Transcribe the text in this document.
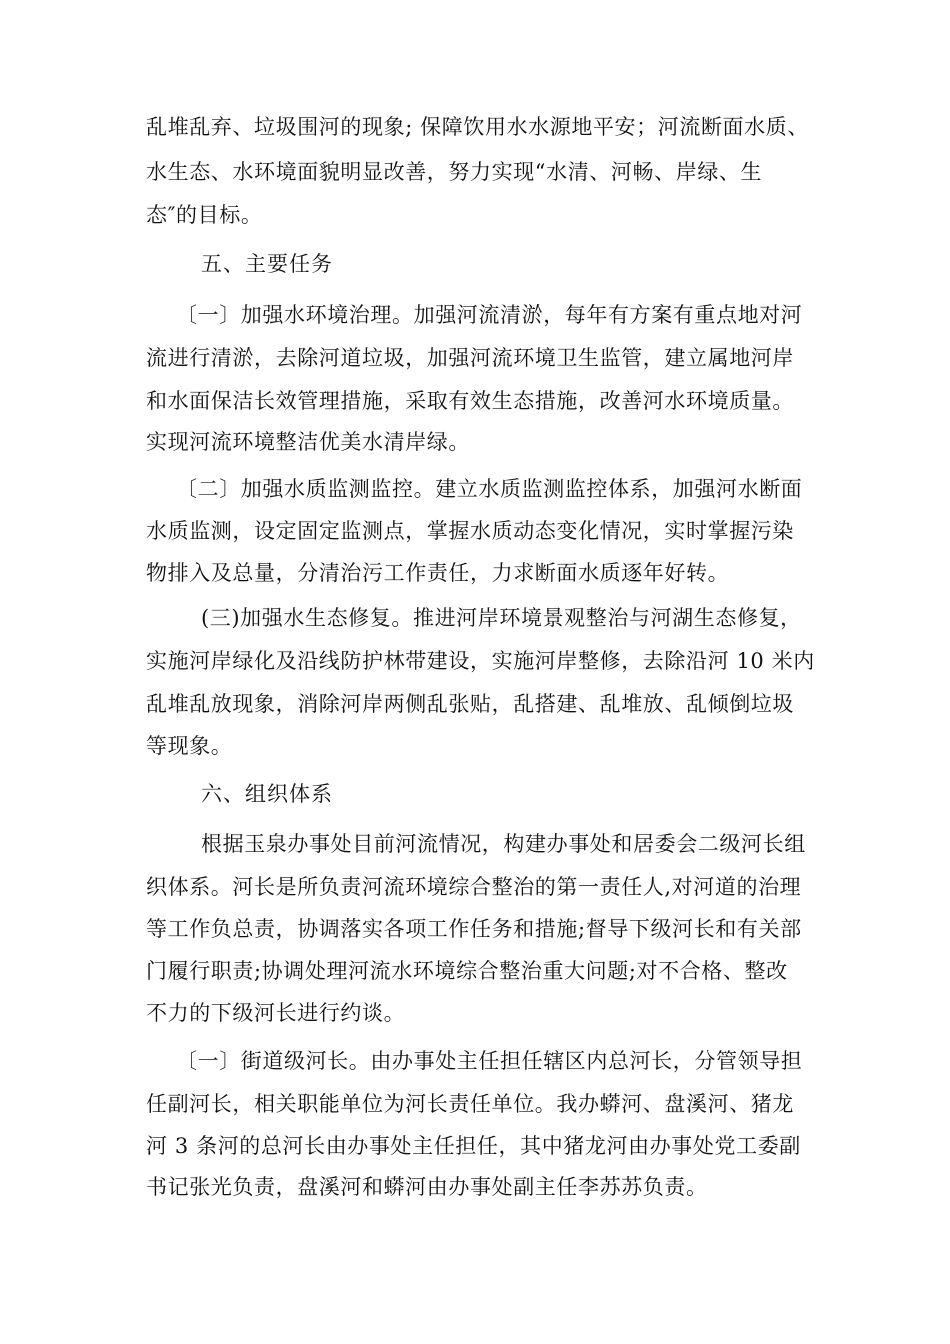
乱堆乱弃、垃圾围河的现象; 保障饮用水水源地平安；河流断面水质、
水生态、水环境面貌明显改善，努力实现“水清、河畅、岸绿、生
态″的目标。
五、主要任务
〔一〕加强水环境治理。加强河流清淤，每年有方案有重点地对河
流进行清淤，去除河道垃圾，加强河流环境卫生监管，建立属地河岸
和水面保洁长效管理措施，采取有效生态措施，改善河水环境质量。
实现河流环境整洁优美水清岸绿。
〔二〕加强水质监测监控。建立水质监测监控体系，加强河水断面
水质监测，设定固定监测点，掌握水质动态变化情况，实时掌握污染
物排入及总量，分清治污工作责任，力求断面水质逐年好转。
(三)加强水生态修复。推进河岸环境景观整治与河湖生态修复，
实施河岸绿化及沿线防护林带建设，实施河岸整修，去除沿河 10 米内
乱堆乱放现象，消除河岸两侧乱张贴，乱搭建、乱堆放、乱倾倒垃圾
等现象。
六、组织体系
根据玉泉办事处目前河流情况，构建办事处和居委会二级河长组
织体系。河长是所负责河流环境综合整治的第一责任人,对河道的治理
等工作负总责，协调落实各项工作任务和措施;督导下级河长和有关部
门履行职责;协调处理河流水环境综合整治重大问题;对不合格、整改
不力的下级河长进行约谈。
〔一〕街道级河长。由办事处主任担任辖区内总河长，分管领导担
任副河长，相关职能单位为河长责任单位。我办蟒河、盘溪河、猪龙
河 3 条河的总河长由办事处主任担任，其中猪龙河由办事处党工委副
书记张光负责，盘溪河和蟒河由办事处副主任李苏苏负责。
